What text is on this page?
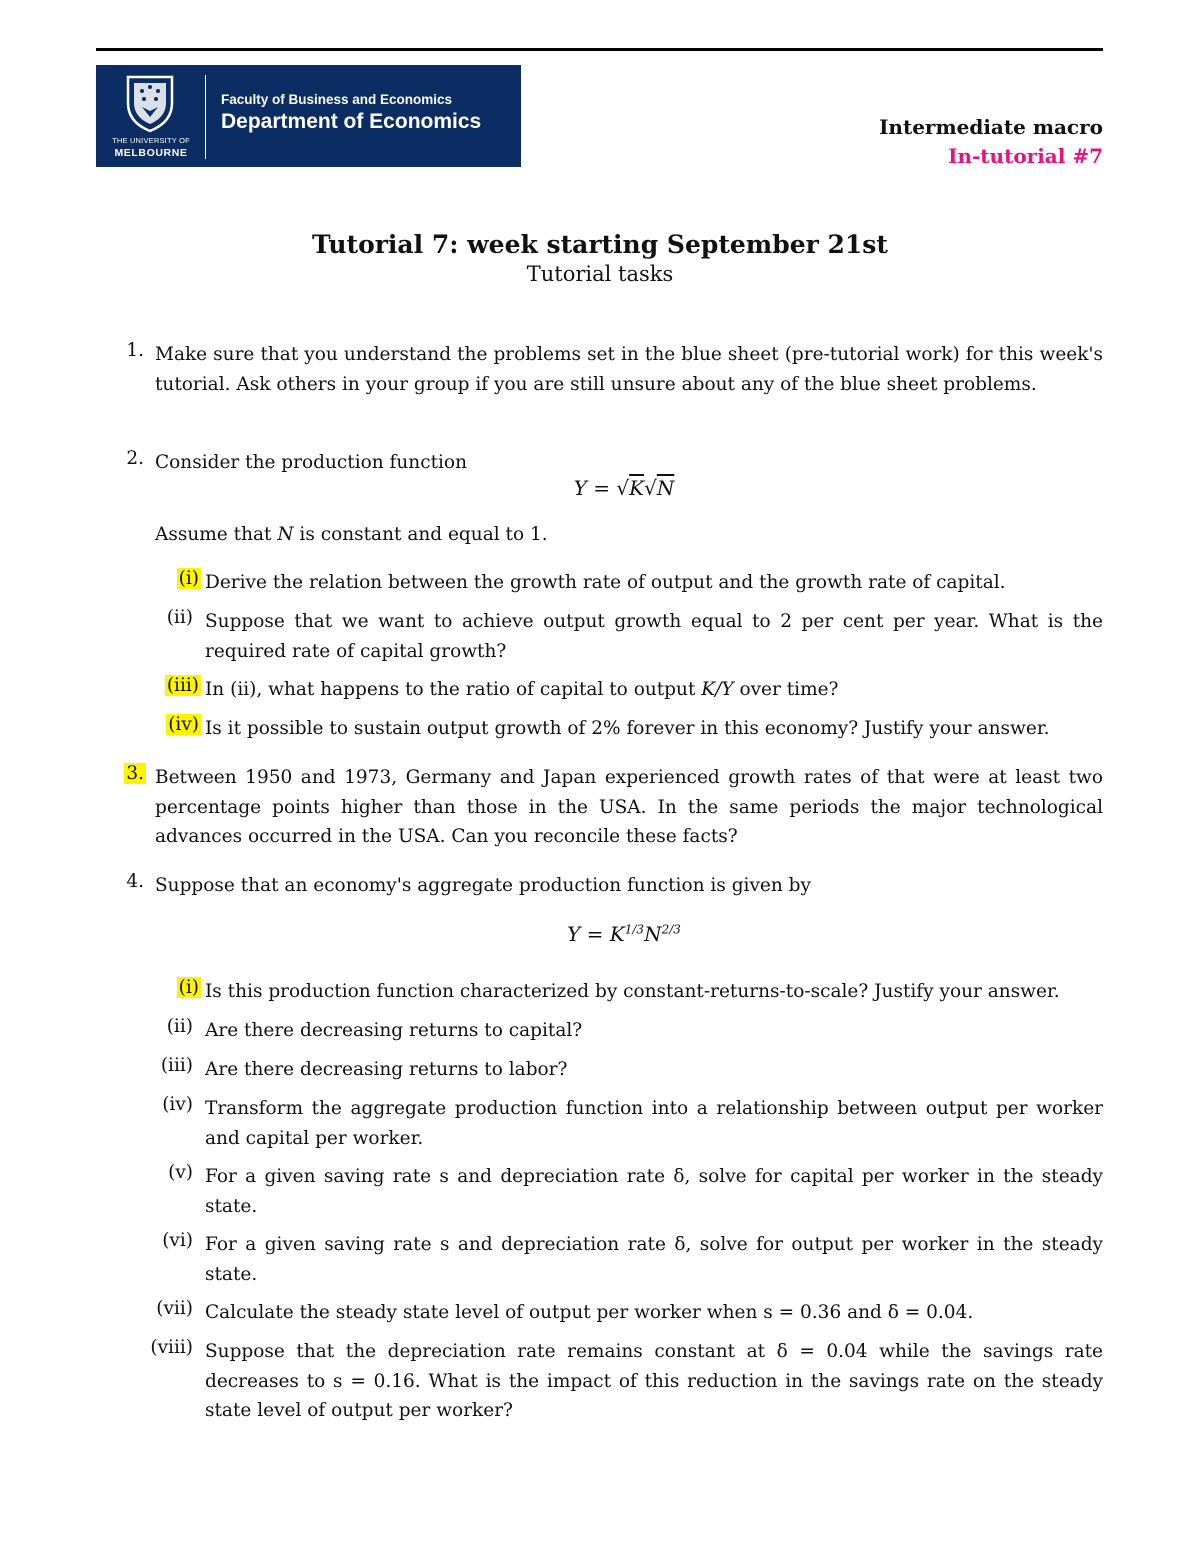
THE UNIVERSITY OF
MELBOURNE
Faculty of Business and Economics
Department of Economics	Intermediate macro
In-tutorial #7
Tutorial 7: week starting September 21st
Tutorial tasks
1. Make sure that you understand the problems set in the blue sheet (pre-tutorial work) for this week's tutorial. Ask others in your group if you are still unsure about any of the blue sheet problems.
2. Consider the production function
Y = √K√N
Assume that N is constant and equal to 1.
(i) Derive the relation between the growth rate of output and the growth rate of capital.
(ii) Suppose that we want to achieve output growth equal to 2 per cent per year. What is the required rate of capital growth?
(iii) In (ii), what happens to the ratio of capital to output K/Y over time?
(iv) Is it possible to sustain output growth of 2% forever in this economy? Justify your answer.
3. Between 1950 and 1973, Germany and Japan experienced growth rates of that were at least two percentage points higher than those in the USA. In the same periods the major technological advances occurred in the USA. Can you reconcile these facts?
4. Suppose that an economy's aggregate production function is given by
$Y = K^{1/3}N^{2/3}$
(i) Is this production function characterized by constant-returns-to-scale? Justify your answer.
(ii) Are there decreasing returns to capital?
(iii) Are there decreasing returns to labor?
(iv) Transform the aggregate production function into a relationship between output per worker and capital per worker.
(v) For a given saving rate s and depreciation rate δ, solve for capital per worker in the steady state.
(vi) For a given saving rate s and depreciation rate δ, solve for output per worker in the steady state.
(vii) Calculate the steady state level of output per worker when s = 0.36 and δ = 0.04.
(viii) Suppose that the depreciation rate remains constant at δ = 0.04 while the savings rate decreases to s = 0.16. What is the impact of this reduction in the savings rate on the steady state level of output per worker?
